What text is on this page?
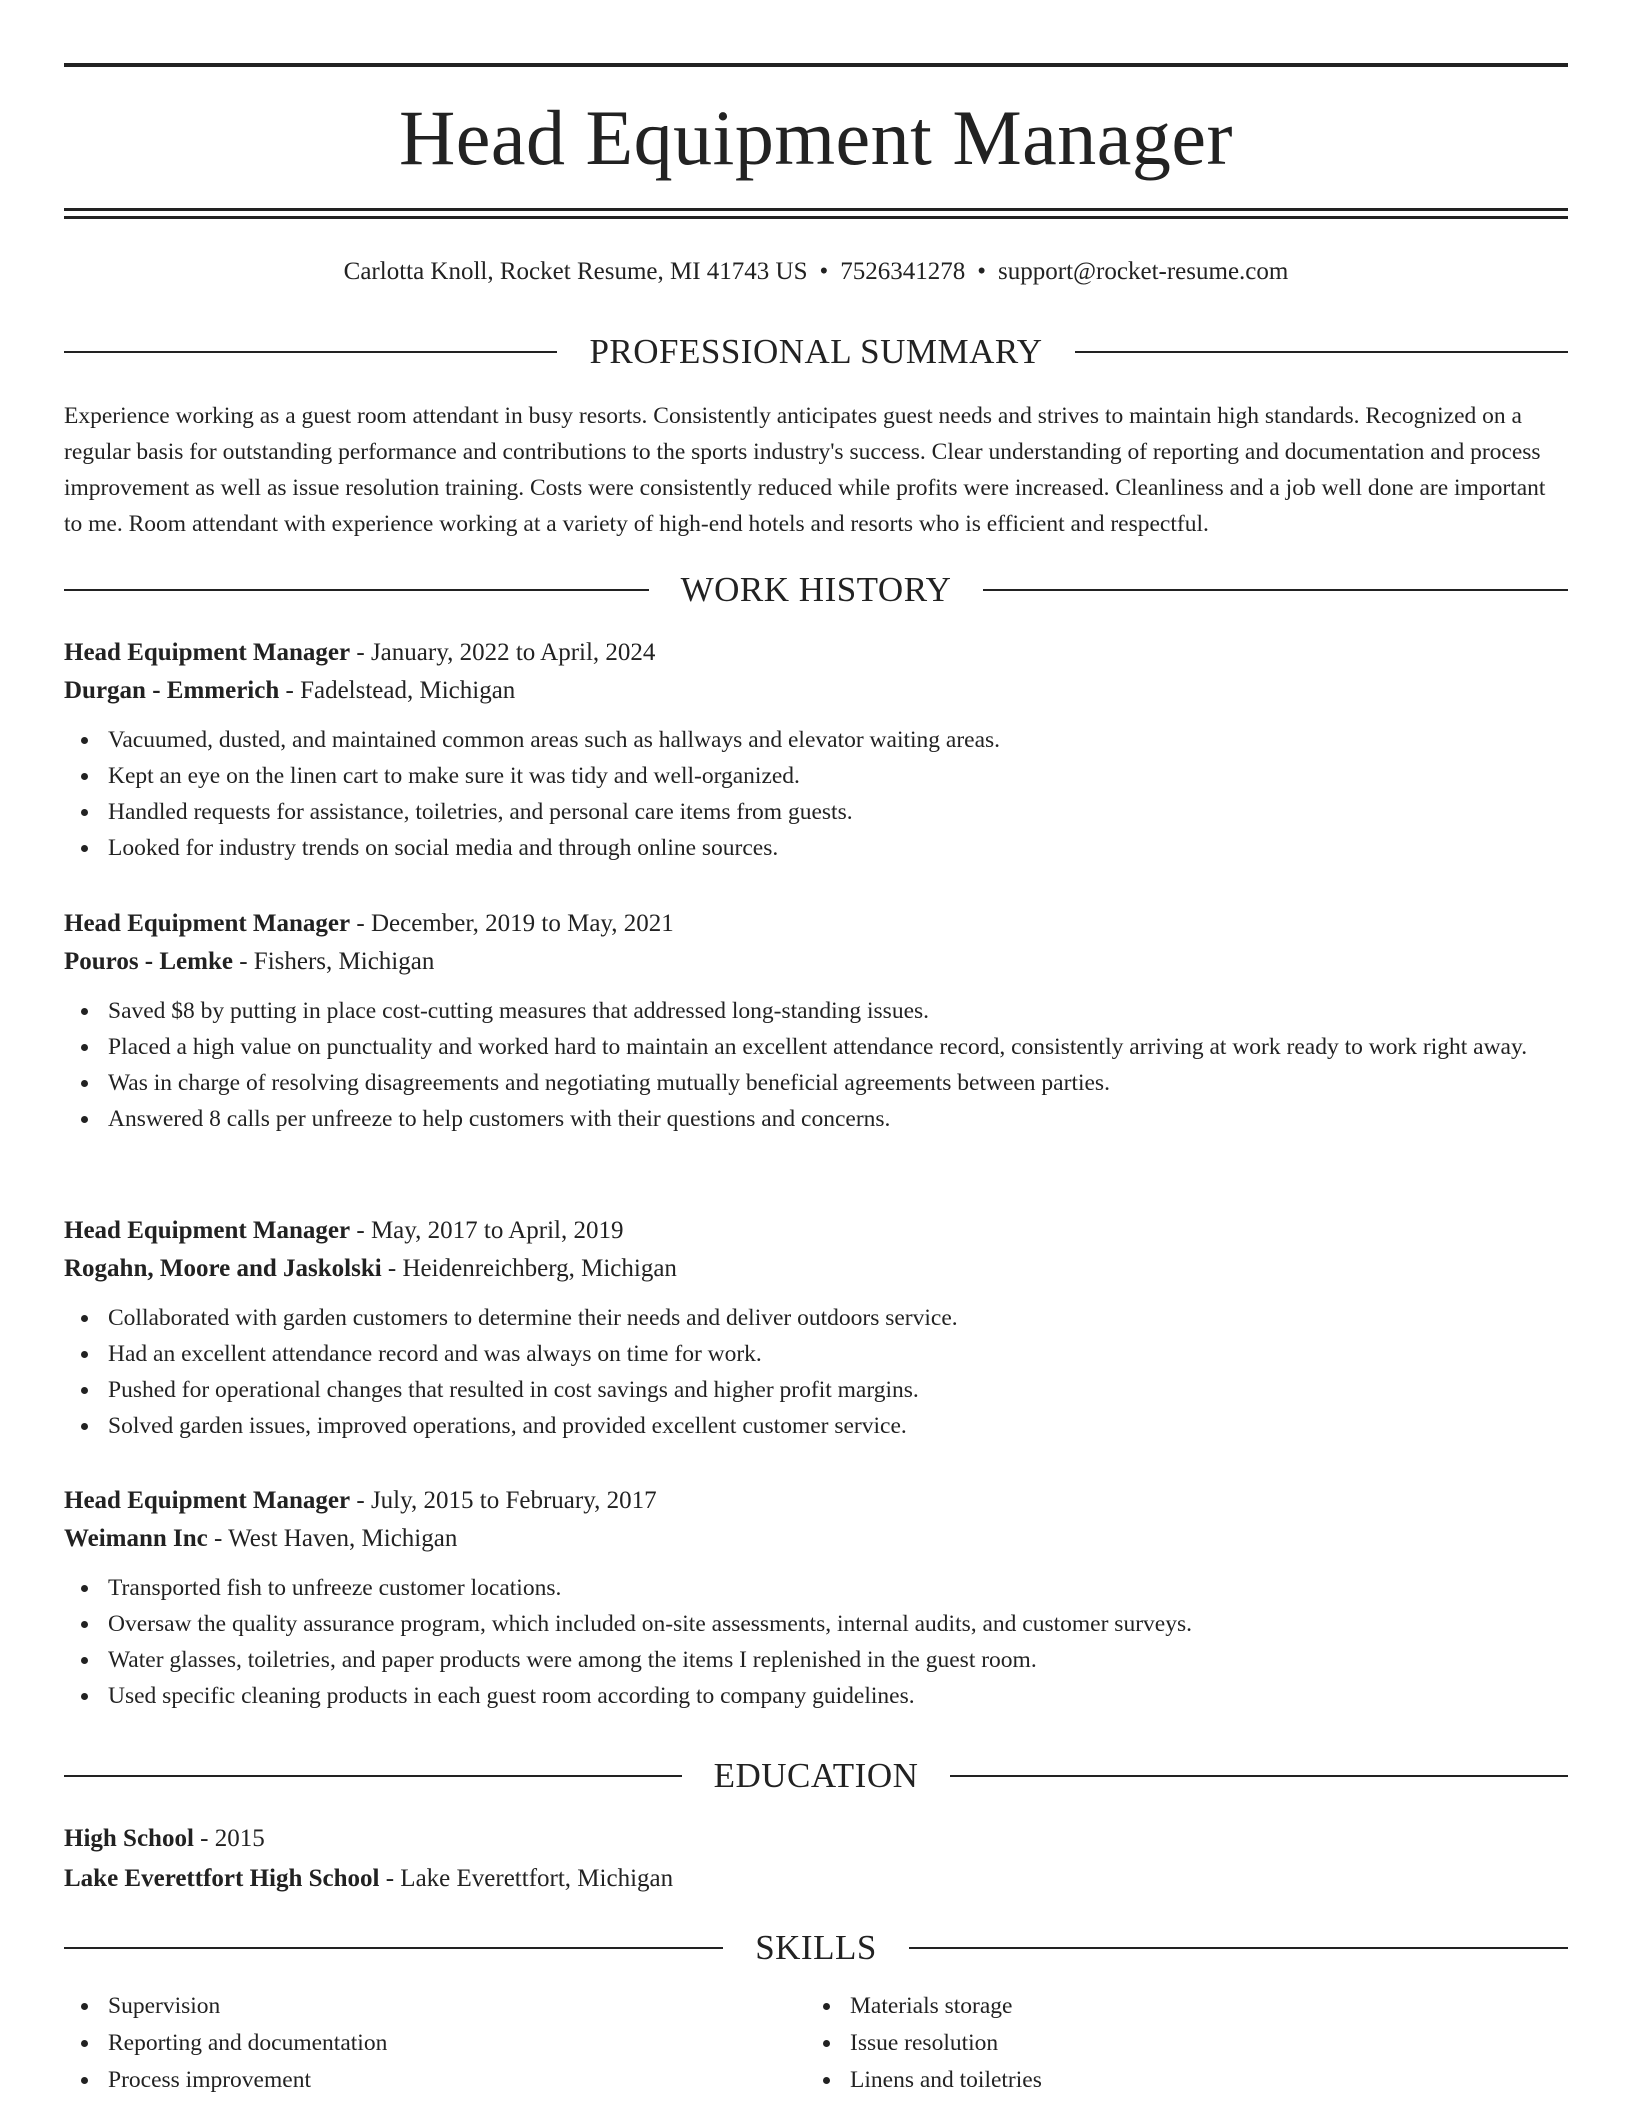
Head Equipment Manager
Carlotta Knoll, Rocket Resume, MI 41743 US • 7526341278 • support@rocket-resume.com
PROFESSIONAL SUMMARY
Experience working as a guest room attendant in busy resorts. Consistently anticipates guest needs and strives to maintain high standards. Recognized on a regular basis for outstanding performance and contributions to the sports industry's success. Clear understanding of reporting and documentation and process improvement as well as issue resolution training. Costs were consistently reduced while profits were increased. Cleanliness and a job well done are important to me. Room attendant with experience working at a variety of high-end hotels and resorts who is efficient and respectful.
WORK HISTORY
Head Equipment Manager - January, 2022 to April, 2024
Durgan - Emmerich - Fadelstead, Michigan
Vacuumed, dusted, and maintained common areas such as hallways and elevator waiting areas.
Kept an eye on the linen cart to make sure it was tidy and well-organized.
Handled requests for assistance, toiletries, and personal care items from guests.
Looked for industry trends on social media and through online sources.
Head Equipment Manager - December, 2019 to May, 2021
Pouros - Lemke - Fishers, Michigan
Saved $8 by putting in place cost-cutting measures that addressed long-standing issues.
Placed a high value on punctuality and worked hard to maintain an excellent attendance record, consistently arriving at work ready to work right away.
Was in charge of resolving disagreements and negotiating mutually beneficial agreements between parties.
Answered 8 calls per unfreeze to help customers with their questions and concerns.
Head Equipment Manager - May, 2017 to April, 2019
Rogahn, Moore and Jaskolski - Heidenreichberg, Michigan
Collaborated with garden customers to determine their needs and deliver outdoors service.
Had an excellent attendance record and was always on time for work.
Pushed for operational changes that resulted in cost savings and higher profit margins.
Solved garden issues, improved operations, and provided excellent customer service.
Head Equipment Manager - July, 2015 to February, 2017
Weimann Inc - West Haven, Michigan
Transported fish to unfreeze customer locations.
Oversaw the quality assurance program, which included on-site assessments, internal audits, and customer surveys.
Water glasses, toiletries, and paper products were among the items I replenished in the guest room.
Used specific cleaning products in each guest room according to company guidelines.
EDUCATION
High School - 2015
Lake Everettfort High School - Lake Everettfort, Michigan
SKILLS
Supervision
Reporting and documentation
Process improvement
Materials storage
Issue resolution
Linens and toiletries
